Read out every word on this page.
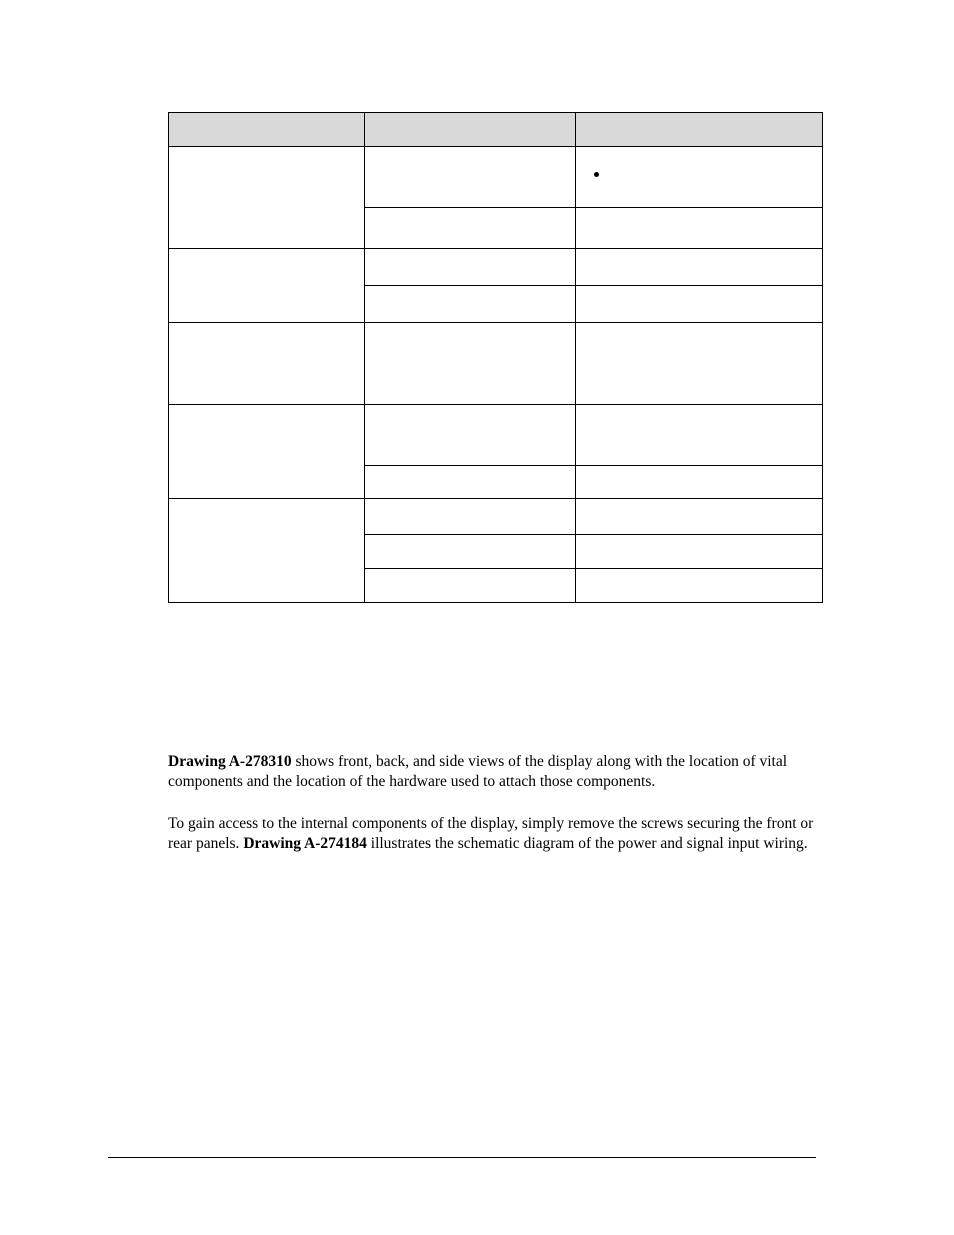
Drawing A-278310 shows front, back, and side views of the display along with the location of vital components and the location of the hardware used to attach those components.

To gain access to the internal components of the display, simply remove the screws securing the front or rear panels. Drawing A-274184 illustrates the schematic diagram of the power and signal input wiring.
